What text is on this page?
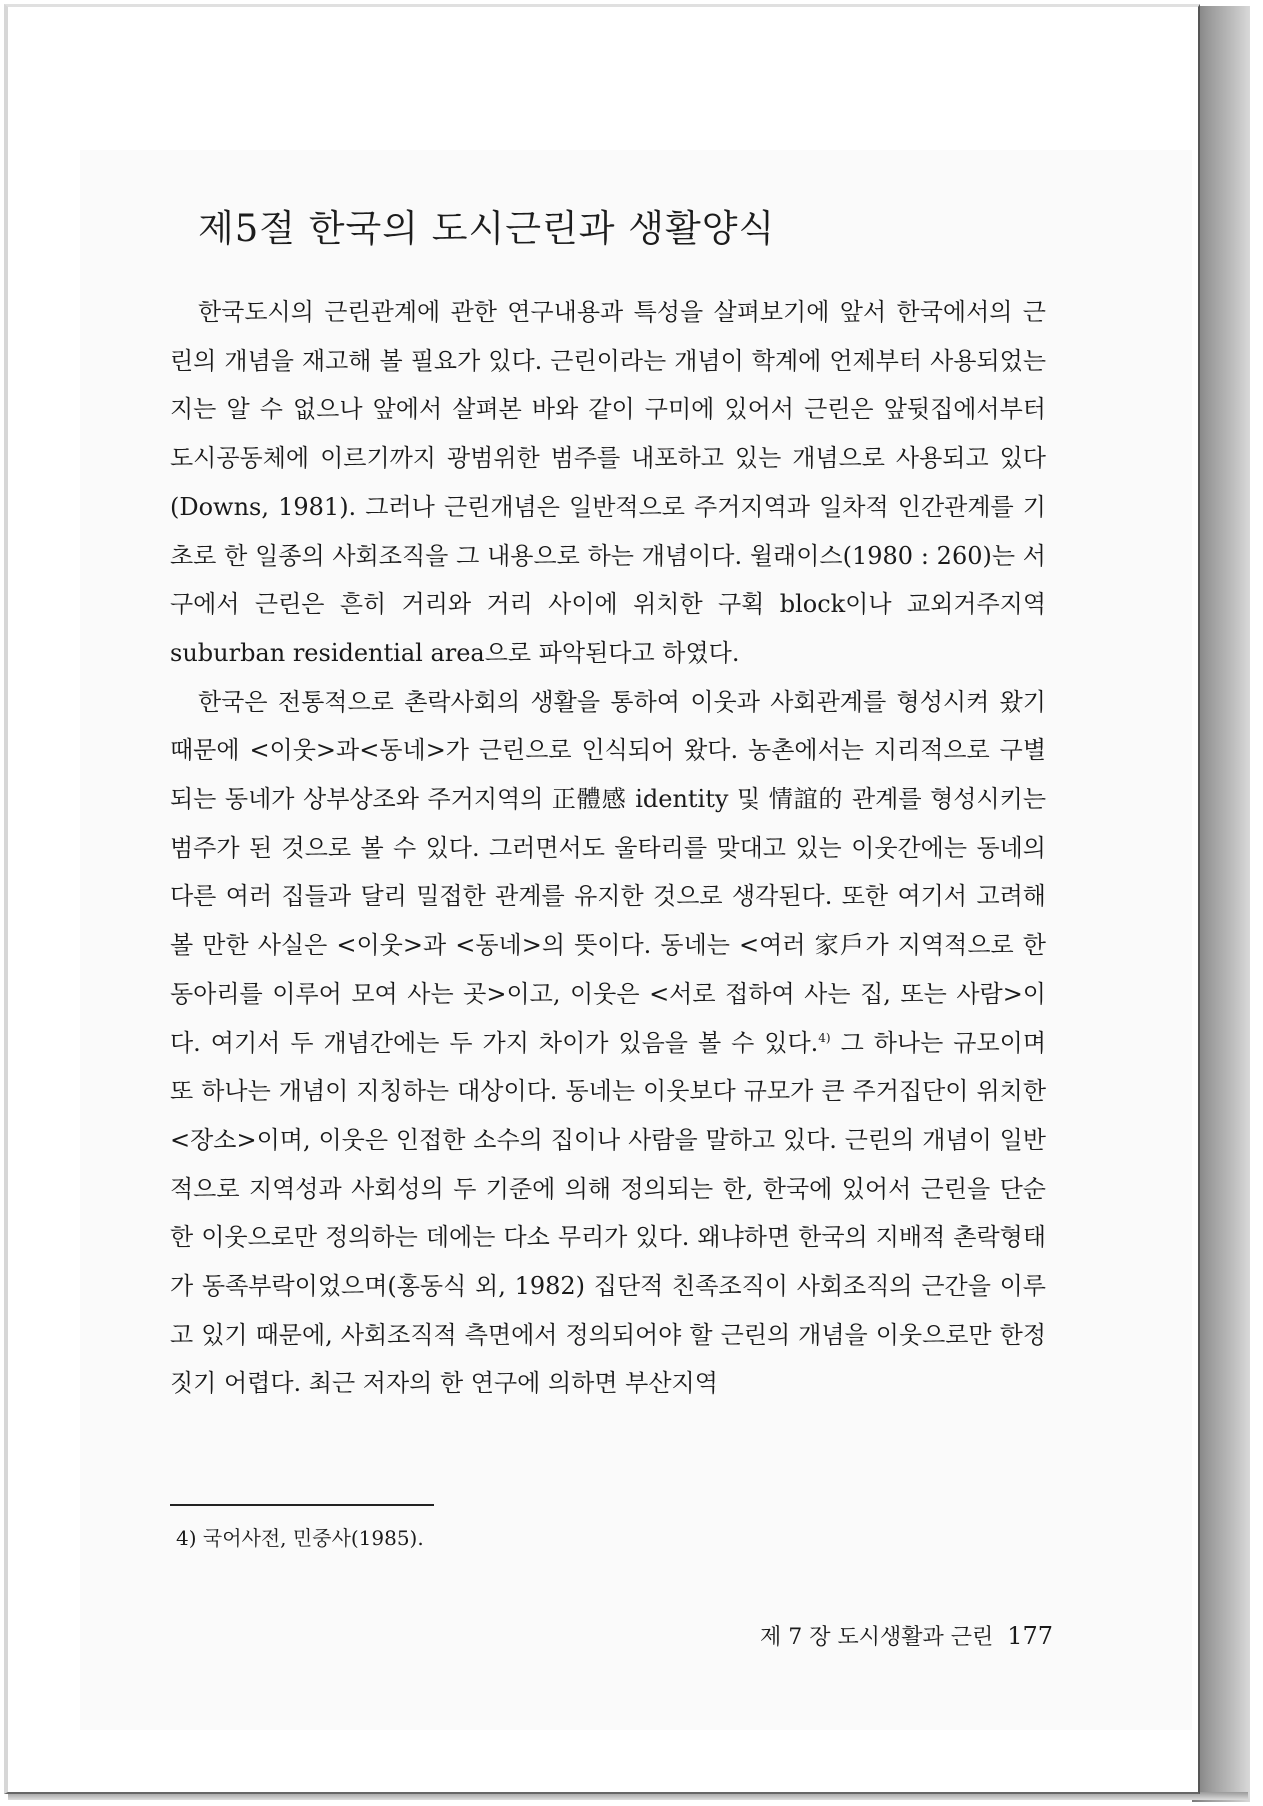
제5절 한국의 도시근린과 생활양식

한국도시의 근린관계에 관한 연구내용과 특성을 살펴보기에 앞서 한국에서의 근린의 개념을 재고해 볼 필요가 있다. 근린이라는 개념이 학계에 언제부터 사용되었는지는 알 수 없으나 앞에서 살펴본 바와 같이 구미에 있어서 근린은 앞뒷집에서부터 도시공동체에 이르기까지 광범위한 범주를 내포하고 있는 개념으로 사용되고 있다(Downs, 1981). 그러나 근린개념은 일반적으로 주거지역과 일차적 인간관계를 기초로 한 일종의 사회조직을 그 내용으로 하는 개념이다. 윌래이스(1980 : 260)는 서구에서 근린은 흔히 거리와 거리 사이에 위치한 구획 block이나 교외거주지역 suburban residential area으로 파악된다고 하였다.

한국은 전통적으로 촌락사회의 생활을 통하여 이웃과 사회관계를 형성시켜 왔기 때문에 <이웃>과<동네>가 근린으로 인식되어 왔다. 농촌에서는 지리적으로 구별되는 동네가 상부상조와 주거지역의 正體感 identity 및 情誼的 관계를 형성시키는 범주가 된 것으로 볼 수 있다. 그러면서도 울타리를 맞대고 있는 이웃간에는 동네의 다른 여러 집들과 달리 밀접한 관계를 유지한 것으로 생각된다. 또한 여기서 고려해 볼 만한 사실은 <이웃>과 <동네>의 뜻이다. 동네는 <여러 家戶가 지역적으로 한 동아리를 이루어 모여 사는 곳>이고, 이웃은 <서로 접하여 사는 집, 또는 사람>이다. 여기서 두 개념간에는 두 가지 차이가 있음을 볼 수 있다.$^{4)}$ 그 하나는 규모이며 또 하나는 개념이 지칭하는 대상이다. 동네는 이웃보다 규모가 큰 주거집단이 위치한 <장소>이며, 이웃은 인접한 소수의 집이나 사람을 말하고 있다. 근린의 개념이 일반적으로 지역성과 사회성의 두 기준에 의해 정의되는 한, 한국에 있어서 근린을 단순한 이웃으로만 정의하는 데에는 다소 무리가 있다. 왜냐하면 한국의 지배적 촌락형태가 동족부락이었으며(홍동식 외, 1982) 집단적 친족조직이 사회조직의 근간을 이루고 있기 때문에, 사회조직적 측면에서 정의되어야 할 근린의 개념을 이웃으로만 한정짓기 어렵다. 최근 저자의 한 연구에 의하면 부산지역

4) 국어사전, 민중사(1985).
제 7 장 도시생활과 근린 177
